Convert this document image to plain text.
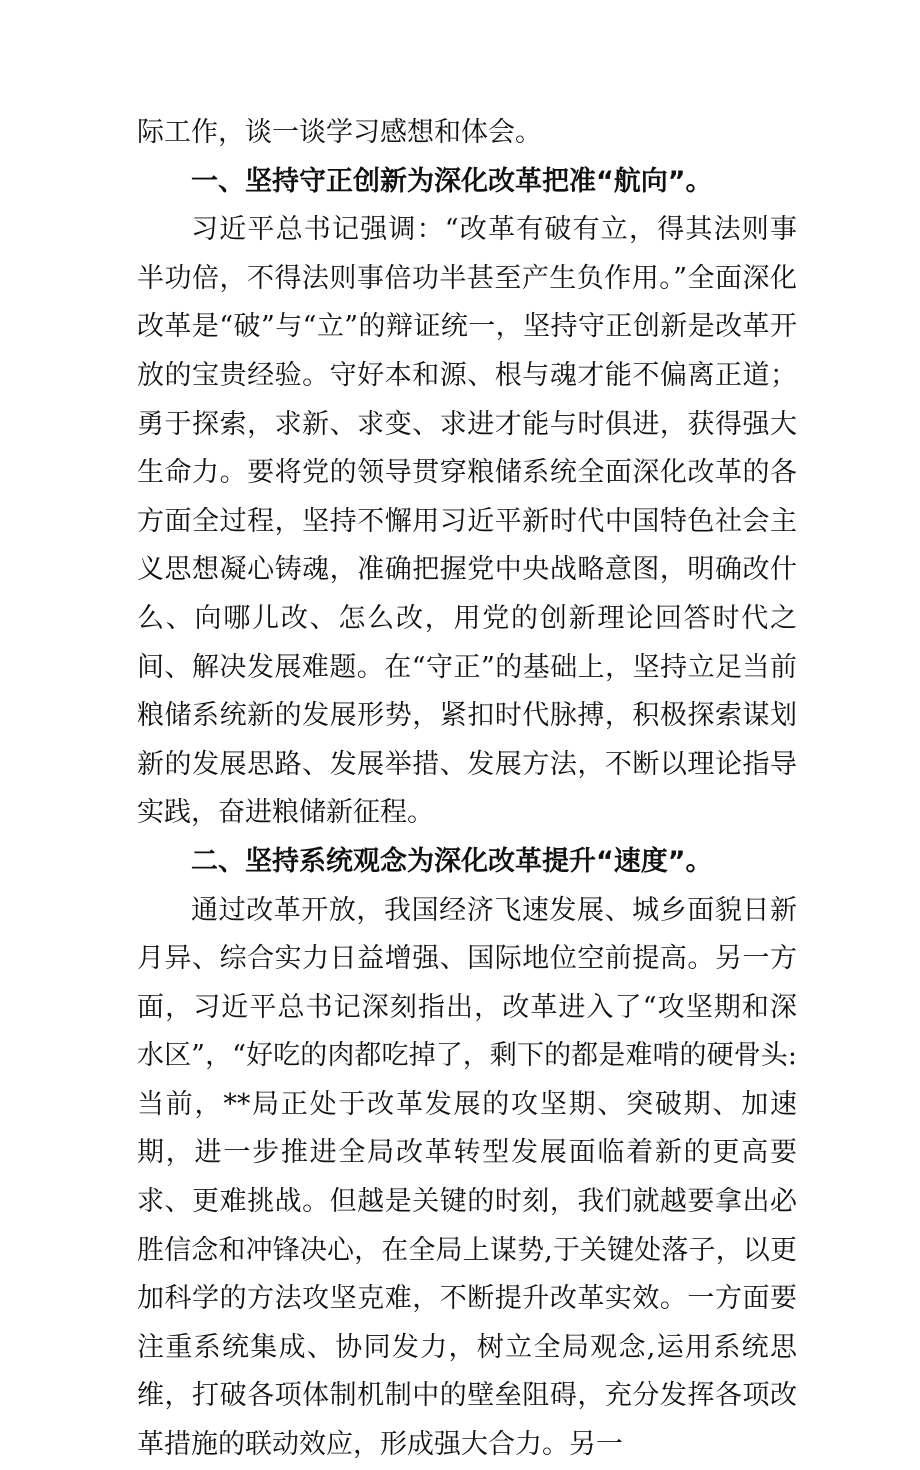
际工作，谈一谈学习感想和体会。

一、坚持守正创新为深化改革把准“航向”。

习近平总书记强调：“改革有破有立，得其法则事半功倍，不得法则事倍功半甚至产生负作用。”全面深化改革是“破”与“立”的辩证统一，坚持守正创新是改革开放的宝贵经验。守好本和源、根与魂才能不偏离正道；勇于探索，求新、求变、求进才能与时俱进，获得强大生命力。要将党的领导贯穿粮储系统全面深化改革的各方面全过程，坚持不懈用习近平新时代中国特色社会主义思想凝心铸魂，准确把握党中央战略意图，明确改什么、向哪儿改、怎么改，用党的创新理论回答时代之间、解决发展难题。在“守正”的基础上，坚持立足当前粮储系统新的发展形势，紧扣时代脉搏，积极探索谋划新的发展思路、发展举措、发展方法，不断以理论指导实践，奋进粮储新征程。

二、坚持系统观念为深化改革提升“速度”。

通过改革开放，我国经济飞速发展、城乡面貌日新月异、综合实力日益增强、国际地位空前提高。另一方面，习近平总书记深刻指出，改革进入了“攻坚期和深水区”，“好吃的肉都吃掉了，剩下的都是难啃的硬骨头:当前，**局正处于改革发展的攻坚期、突破期、加速期，进一步推进全局改革转型发展面临着新的更高要求、更难挑战。但越是关键的时刻，我们就越要拿出必胜信念和冲锋决心，在全局上谋势,于关键处落子，以更加科学的方法攻坚克难，不断提升改革实效。一方面要注重系统集成、协同发力，树立全局观念,运用系统思维，打破各项体制机制中的壁垒阻碍，充分发挥各项改革措施的联动效应，形成强大合力。另一
